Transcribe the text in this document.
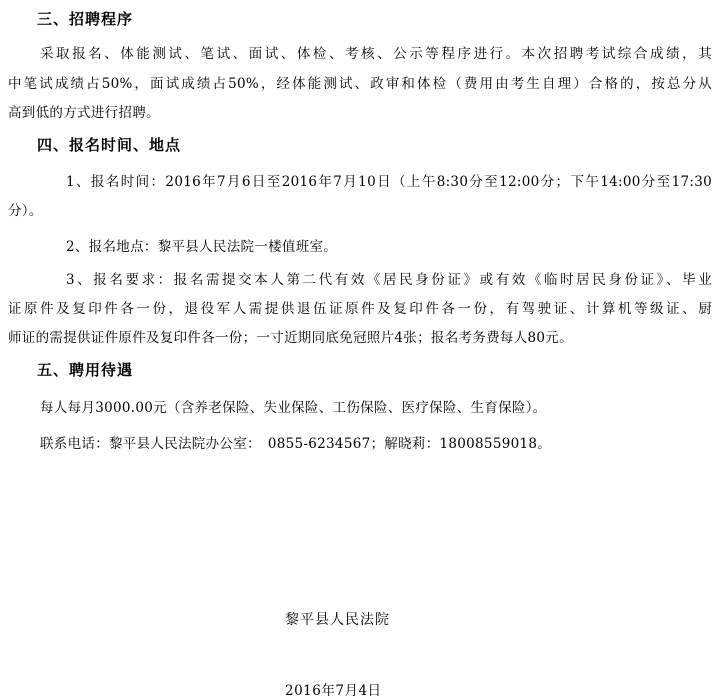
三、招聘程序
采取报名、体能测试、笔试、面试、体检、考核、公示等程序进行。本次招聘考试综合成绩，其
中笔试成绩占50%，面试成绩占50%，经体能测试、政审和体检（费用由考生自理）合格的，按总分从
高到低的方式进行招聘。
四、报名时间、地点
1、报名时间：2016年7月6日至2016年7月10日（上午8:30分至12:00分；下午14:00分至17:30
分）。
2、报名地点：黎平县人民法院一楼值班室。
3、报名要求：报名需提交本人第二代有效《居民身份证》或有效《临时居民身份证》、毕业
证原件及复印件各一份，退役军人需提供退伍证原件及复印件各一份，有驾驶证、计算机等级证、厨
师证的需提供证件原件及复印件各一份；一寸近期同底免冠照片4张；报名考务费每人80元。
五、聘用待遇
每人每月3000.00元（含养老保险、失业保险、工伤保险、医疗保险、生育保险）。
联系电话：黎平县人民法院办公室：　0855-6234567；解晓莉：18008559018。
黎平县人民法院
2016年7月4日
